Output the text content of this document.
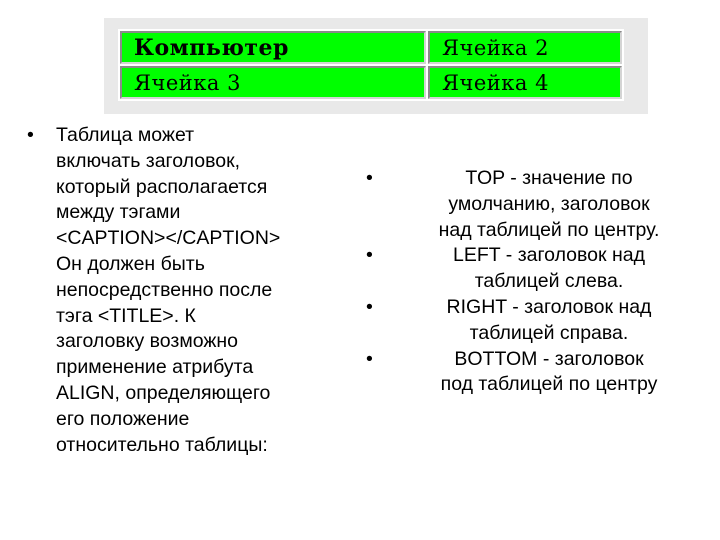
Компьютер	Ячейка 2
Ячейка 3	Ячейка 4
• Таблица может
включать заголовок,
который располагается
между тэгами
<CAPTION></CAPTION>
Он должен быть
непосредственно после
тэга <TITLE>. К
заголовку возможно
применение атрибута
ALIGN, определяющего
его положение
относительно таблицы:
• TOP - значение по
умолчанию, заголовок
над таблицей по центру.
• LEFT - заголовок над
таблицей слева.
• RIGHT - заголовок над
таблицей справа.
• BOTTOM - заголовок
под таблицей по центру
